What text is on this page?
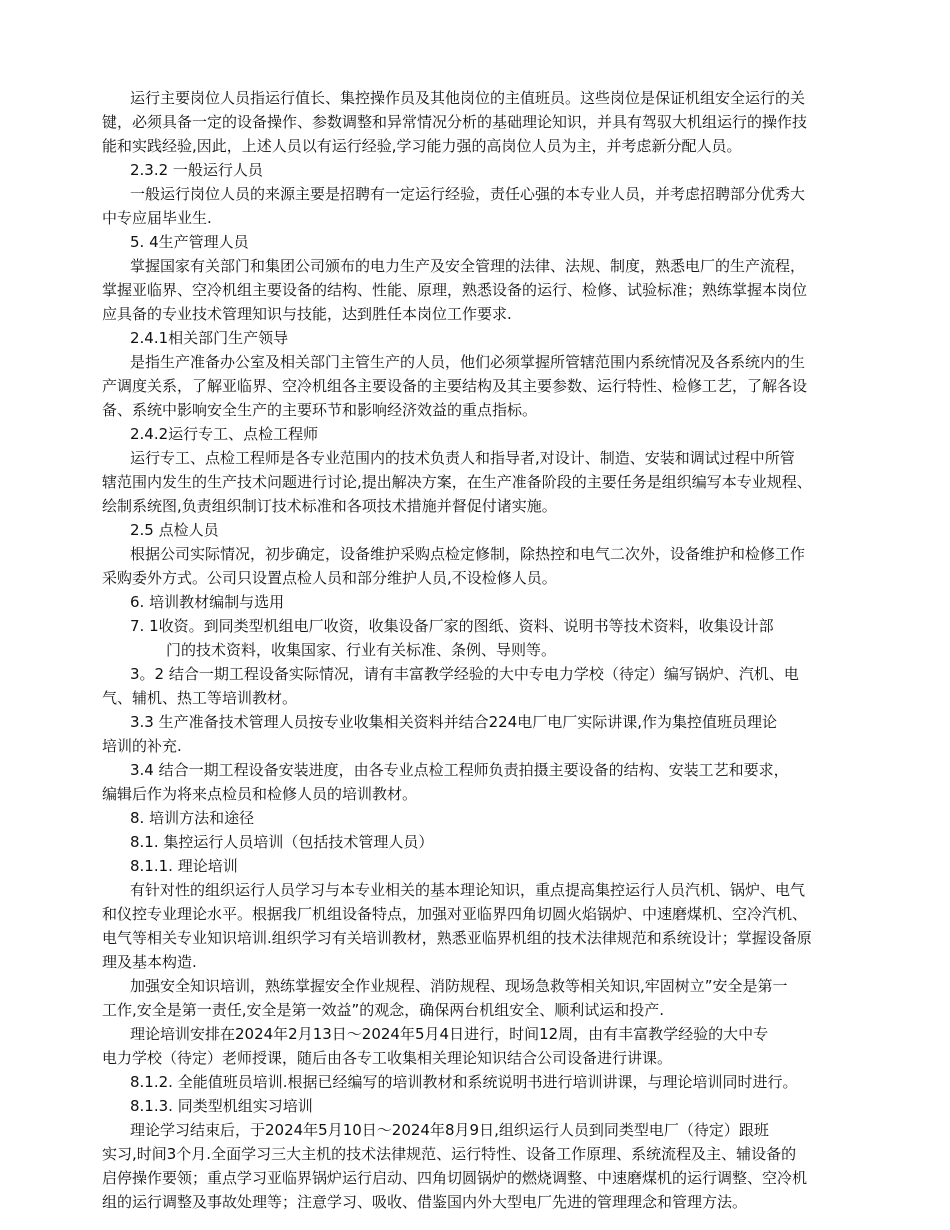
运行主要岗位人员指运行值长、集控操作员及其他岗位的主值班员。这些岗位是保证机组安全运行的关
键，必须具备一定的设备操作、参数调整和异常情况分析的基础理论知识，并具有驾驭大机组运行的操作技
能和实践经验,因此，上述人员以有运行经验,学习能力强的高岗位人员为主，并考虑新分配人员。
2.3.2 一般运行人员
一般运行岗位人员的来源主要是招聘有一定运行经验，责任心强的本专业人员，并考虑招聘部分优秀大
中专应届毕业生.
5. 4生产管理人员
掌握国家有关部门和集团公司颁布的电力生产及安全管理的法律、法规、制度，熟悉电厂的生产流程，
掌握亚临界、空冷机组主要设备的结构、性能、原理，熟悉设备的运行、检修、试验标准；熟练掌握本岗位
应具备的专业技术管理知识与技能，达到胜任本岗位工作要求.
2.4.1相关部门生产领导
是指生产准备办公室及相关部门主管生产的人员，他们必须掌握所管辖范围内系统情况及各系统内的生
产调度关系，了解亚临界、空冷机组各主要设备的主要结构及其主要参数、运行特性、检修工艺，了解各设
备、系统中影响安全生产的主要环节和影响经济效益的重点指标。
2.4.2运行专工、点检工程师
运行专工、点检工程师是各专业范围内的技术负责人和指导者,对设计、制造、安装和调试过程中所管
辖范围内发生的生产技术问题进行讨论,提出解决方案，在生产准备阶段的主要任务是组织编写本专业规程、
绘制系统图,负责组织制订技术标准和各项技术措施并督促付诸实施。
2.5 点检人员
根据公司实际情况，初步确定，设备维护采购点检定修制，除热控和电气二次外，设备维护和检修工作
采购委外方式。公司只设置点检人员和部分维护人员,不设检修人员。
6. 培训教材编制与选用
7. 1收资。到同类型机组电厂收资，收集设备厂家的图纸、资料、说明书等技术资料，收集设计部
门的技术资料，收集国家、行业有关标准、条例、导则等。
3。2 结合一期工程设备实际情况，请有丰富教学经验的大中专电力学校（待定）编写锅炉、汽机、电
气、辅机、热工等培训教材。
3.3 生产准备技术管理人员按专业收集相关资料并结合224电厂电厂实际讲课,作为集控值班员理论
培训的补充.
3.4 结合一期工程设备安装进度，由各专业点检工程师负责拍摄主要设备的结构、安装工艺和要求，
编辑后作为将来点检员和检修人员的培训教材。
8. 培训方法和途径
8.1. 集控运行人员培训（包括技术管理人员）
8.1.1. 理论培训
有针对性的组织运行人员学习与本专业相关的基本理论知识，重点提高集控运行人员汽机、锅炉、电气
和仪控专业理论水平。根据我厂机组设备特点，加强对亚临界四角切圆火焰锅炉、中速磨煤机、空冷汽机、
电气等相关专业知识培训.组织学习有关培训教材，熟悉亚临界机组的技术法律规范和系统设计；掌握设备原
理及基本构造.
加强安全知识培训，熟练掌握安全作业规程、消防规程、现场急救等相关知识,牢固树立”安全是第一
工作,安全是第一责任,安全是第一效益”的观念，确保两台机组安全、顺利试运和投产.
理论培训安排在2024年2月13日～2024年5月4日进行，时间12周，由有丰富教学经验的大中专
电力学校（待定）老师授课，随后由各专工收集相关理论知识结合公司设备进行讲课。
8.1.2. 全能值班员培训.根据已经编写的培训教材和系统说明书进行培训讲课，与理论培训同时进行。
8.1.3. 同类型机组实习培训
理论学习结束后，于2024年5月10日～2024年8月9日,组织运行人员到同类型电厂（待定）跟班
实习,时间3个月.全面学习三大主机的技术法律规范、运行特性、设备工作原理、系统流程及主、辅设备的
启停操作要领；重点学习亚临界锅炉运行启动、四角切圆锅炉的燃烧调整、中速磨煤机的运行调整、空冷机
组的运行调整及事故处理等；注意学习、吸收、借鉴国内外大型电厂先进的管理理念和管理方法。
